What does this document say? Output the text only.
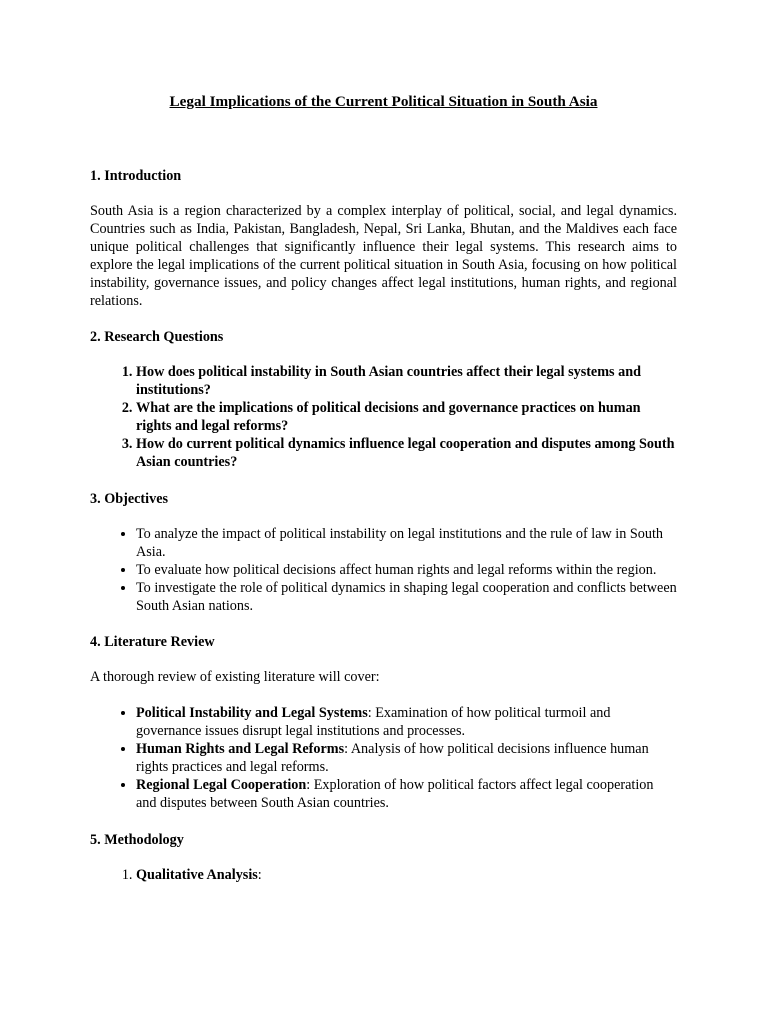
Legal Implications of the Current Political Situation in South Asia

1. Introduction

South Asia is a region characterized by a complex interplay of political, social, and legal dynamics. Countries such as India, Pakistan, Bangladesh, Nepal, Sri Lanka, Bhutan, and the Maldives each face unique political challenges that significantly influence their legal systems. This research aims to explore the legal implications of the current political situation in South Asia, focusing on how political instability, governance issues, and policy changes affect legal institutions, human rights, and regional relations.

2. Research Questions

1. How does political instability in South Asian countries affect their legal systems and institutions?
2. What are the implications of political decisions and governance practices on human rights and legal reforms?
3. How do current political dynamics influence legal cooperation and disputes among South Asian countries?

3. Objectives

• To analyze the impact of political instability on legal institutions and the rule of law in South Asia.
• To evaluate how political decisions affect human rights and legal reforms within the region.
• To investigate the role of political dynamics in shaping legal cooperation and conflicts between South Asian nations.

4. Literature Review

A thorough review of existing literature will cover:

• Political Instability and Legal Systems: Examination of how political turmoil and governance issues disrupt legal institutions and processes.
• Human Rights and Legal Reforms: Analysis of how political decisions influence human rights practices and legal reforms.
• Regional Legal Cooperation: Exploration of how political factors affect legal cooperation and disputes between South Asian countries.

5. Methodology

1. Qualitative Analysis:
